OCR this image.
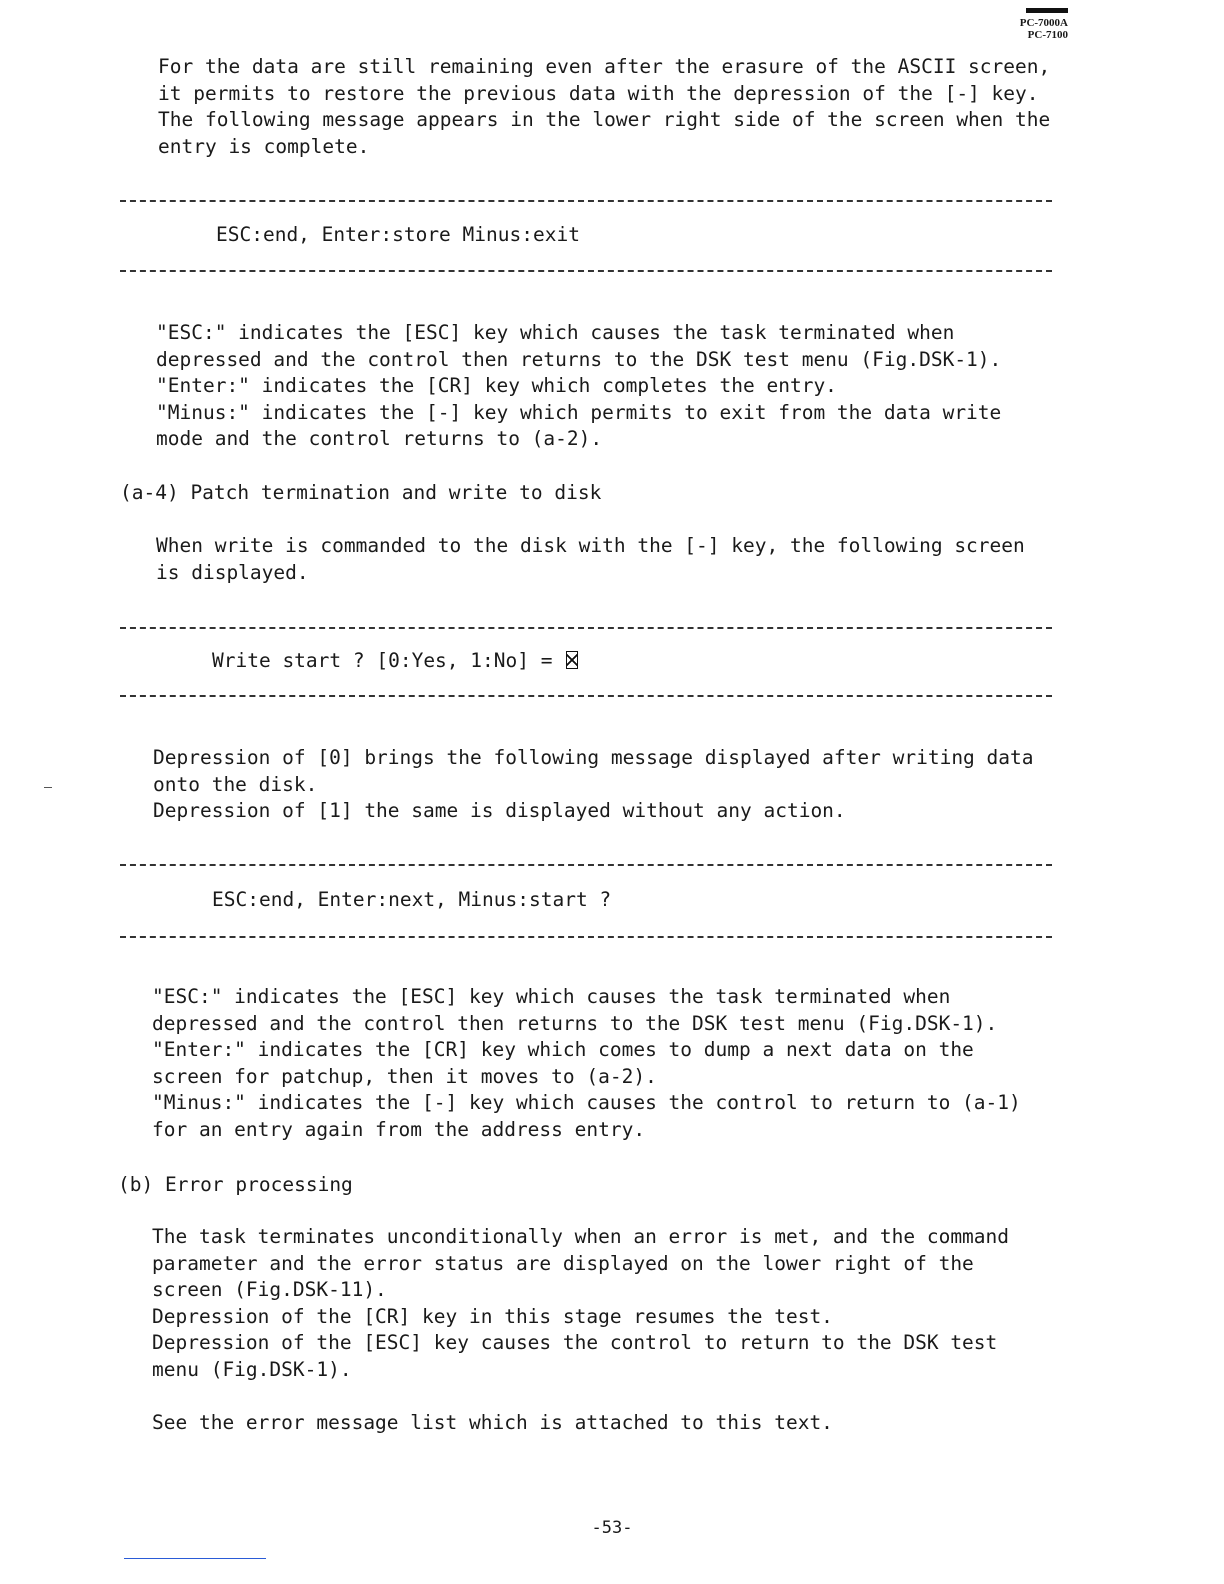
PC-7000A
PC-7100

For the data are still remaining even after the erasure of the ASCII screen,
it permits to restore the previous data with the depression of the [-] key.
The following message appears in the lower right side of the screen when the
entry is complete.

ESC:end, Enter:store Minus:exit

"ESC:" indicates the [ESC] key which causes the task terminated when
depressed and the control then returns to the DSK test menu (Fig.DSK-1).
"Enter:" indicates the [CR] key which completes the entry.
"Minus:" indicates the [-] key which permits to exit from the data write
mode and the control returns to (a-2).

(a-4) Patch termination and write to disk

When write is commanded to the disk with the [-] key, the following screen
is displayed.

Write start ? [0:Yes, 1:No] =

Depression of [0] brings the following message displayed after writing data
onto the disk.
Depression of [1] the same is displayed without any action.

ESC:end, Enter:next, Minus:start ?

"ESC:" indicates the [ESC] key which causes the task terminated when
depressed and the control then returns to the DSK test menu (Fig.DSK-1).
"Enter:" indicates the [CR] key which comes to dump a next data on the
screen for patchup, then it moves to (a-2).
"Minus:" indicates the [-] key which causes the control to return to (a-1)
for an entry again from the address entry.

(b) Error processing

The task terminates unconditionally when an error is met, and the command
parameter and the error status are displayed on the lower right of the
screen (Fig.DSK-11).
Depression of the [CR] key in this stage resumes the test.
Depression of the [ESC] key causes the control to return to the DSK test
menu (Fig.DSK-1).

See the error message list which is attached to this text.

-53-
